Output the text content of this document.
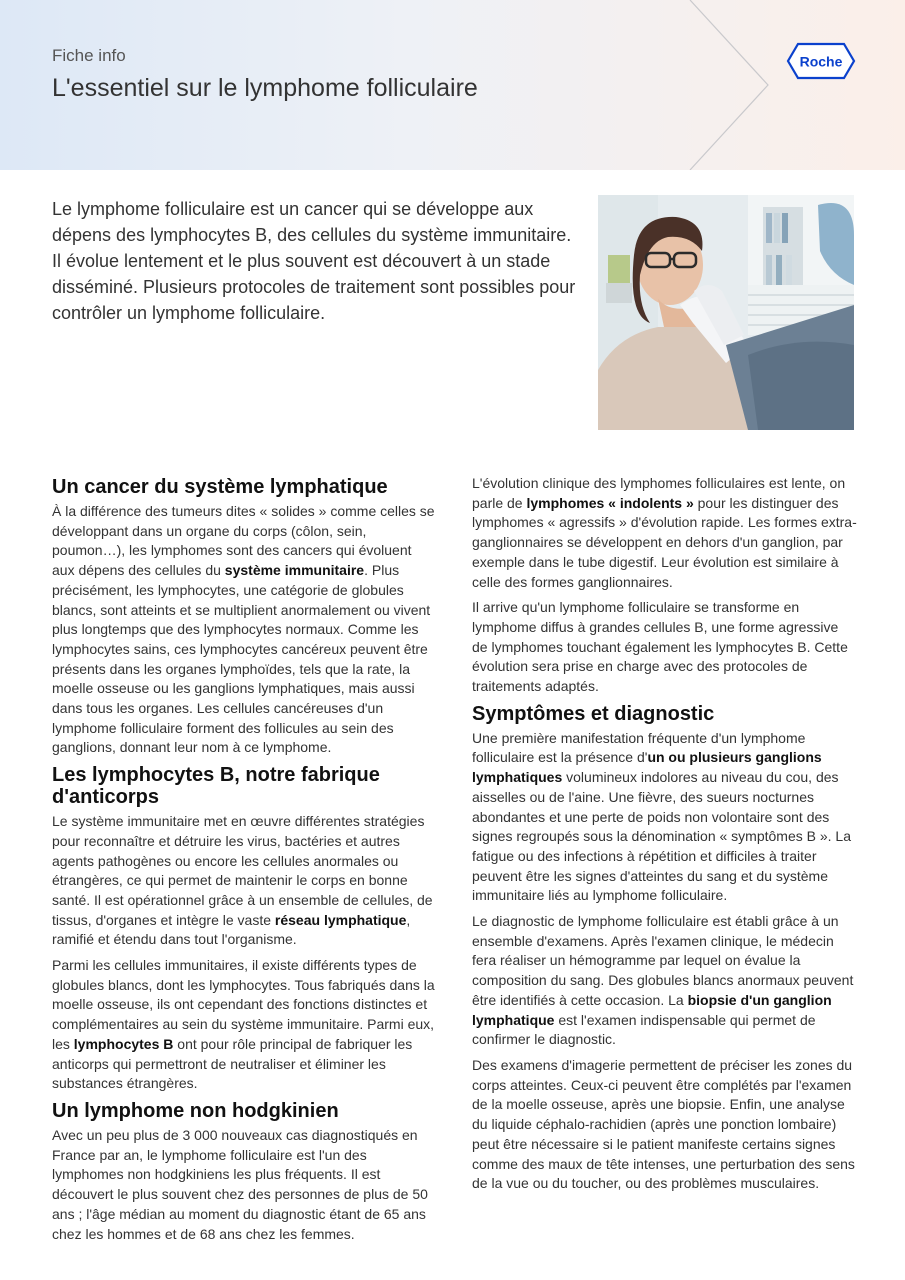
Fiche info
L'essentiel sur le lymphome folliculaire
Roche

Le lymphome folliculaire est un cancer qui se développe aux dépens des lymphocytes B, des cellules du système immunitaire. Il évolue lentement et le plus souvent est découvert à un stade disséminé. Plusieurs protocoles de traitement sont possibles pour contrôler un lymphome folliculaire.

Un cancer du système lymphatique

À la différence des tumeurs dites « solides » comme celles se développant dans un organe du corps (côlon, sein, poumon…), les lymphomes sont des cancers qui évoluent aux dépens des cellules du système immunitaire. Plus précisément, les lymphocytes, une catégorie de globules blancs, sont atteints et se multiplient anormalement ou vivent plus longtemps que des lymphocytes normaux. Comme les lymphocytes sains, ces lymphocytes cancéreux peuvent être présents dans les organes lymphoïdes, tels que la rate, la moelle osseuse ou les ganglions lymphatiques, mais aussi dans tous les organes. Les cellules cancéreuses d'un lymphome folliculaire forment des follicules au sein des ganglions, donnant leur nom à ce lymphome.

Les lymphocytes B, notre fabrique d'anticorps

Le système immunitaire met en œuvre différentes stratégies pour reconnaître et détruire les virus, bactéries et autres agents pathogènes ou encore les cellules anormales ou étrangères, ce qui permet de maintenir le corps en bonne santé. Il est opérationnel grâce à un ensemble de cellules, de tissus, d'organes et intègre le vaste réseau lymphatique, ramifié et étendu dans tout l'organisme.

Parmi les cellules immunitaires, il existe différents types de globules blancs, dont les lymphocytes. Tous fabriqués dans la moelle osseuse, ils ont cependant des fonctions distinctes et complémentaires au sein du système immunitaire. Parmi eux, les lymphocytes B ont pour rôle principal de fabriquer les anticorps qui permettront de neutraliser et éliminer les substances étrangères.

Un lymphome non hodgkinien

Avec un peu plus de 3 000 nouveaux cas diagnostiqués en France par an, le lymphome folliculaire est l'un des lymphomes non hodgkiniens les plus fréquents. Il est découvert le plus souvent chez des personnes de plus de 50 ans ; l'âge médian au moment du diagnostic étant de 65 ans chez les hommes et de 68 ans chez les femmes.

L'évolution clinique des lymphomes folliculaires est lente, on parle de lymphomes « indolents » pour les distinguer des lymphomes « agressifs » d'évolution rapide. Les formes extra-ganglionnaires se développent en dehors d'un ganglion, par exemple dans le tube digestif. Leur évolution est similaire à celle des formes ganglionnaires.

Il arrive qu'un lymphome folliculaire se transforme en lymphome diffus à grandes cellules B, une forme agressive de lymphomes touchant également les lymphocytes B. Cette évolution sera prise en charge avec des protocoles de traitements adaptés.

Symptômes et diagnostic

Une première manifestation fréquente d'un lymphome folliculaire est la présence d'un ou plusieurs ganglions lymphatiques volumineux indolores au niveau du cou, des aisselles ou de l'aine. Une fièvre, des sueurs nocturnes abondantes et une perte de poids non volontaire sont des signes regroupés sous la dénomination « symptômes B ». La fatigue ou des infections à répétition et difficiles à traiter peuvent être les signes d'atteintes du sang et du système immunitaire liés au lymphome folliculaire.

Le diagnostic de lymphome folliculaire est établi grâce à un ensemble d'examens. Après l'examen clinique, le médecin fera réaliser un hémogramme par lequel on évalue la composition du sang. Des globules blancs anormaux peuvent être identifiés à cette occasion. La biopsie d'un ganglion lymphatique est l'examen indispensable qui permet de confirmer le diagnostic.

Des examens d'imagerie permettent de préciser les zones du corps atteintes. Ceux-ci peuvent être complétés par l'examen de la moelle osseuse, après une biopsie. Enfin, une analyse du liquide céphalo-rachidien (après une ponction lombaire) peut être nécessaire si le patient manifeste certains signes comme des maux de tête intenses, une perturbation des sens de la vue ou du toucher, ou des problèmes musculaires.
